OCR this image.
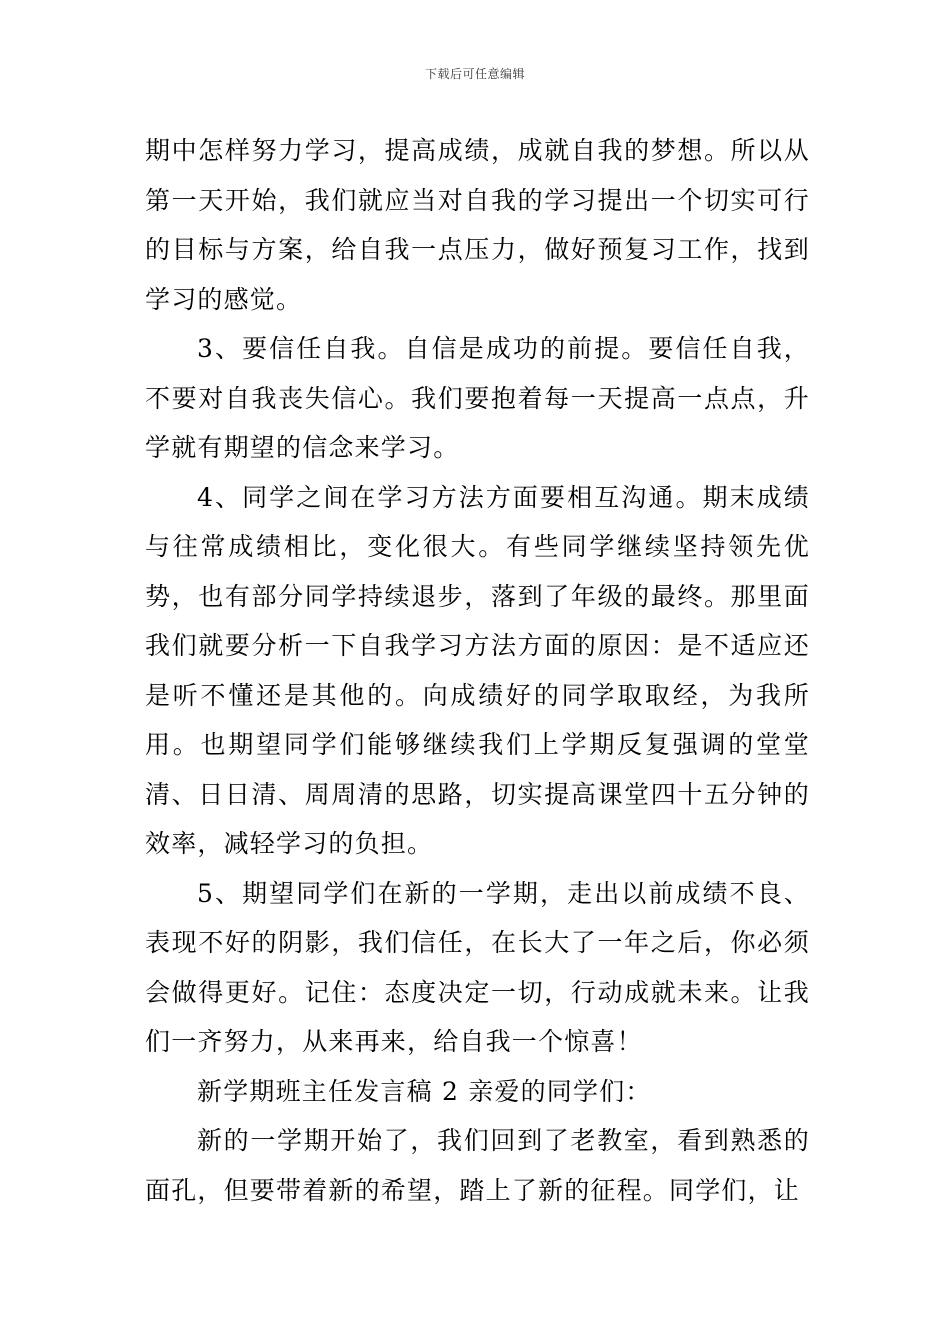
下载后可任意编辑

期中怎样努力学习，提高成绩，成就自我的梦想。所以从第一天开始，我们就应当对自我的学习提出一个切实可行的目标与方案，给自我一点压力，做好预复习工作，找到学习的感觉。

3、要信任自我。自信是成功的前提。要信任自我，不要对自我丧失信心。我们要抱着每一天提高一点点，升学就有期望的信念来学习。

4、同学之间在学习方法方面要相互沟通。期末成绩与往常成绩相比，变化很大。有些同学继续坚持领先优势，也有部分同学持续退步，落到了年级的最终。那里面我们就要分析一下自我学习方法方面的原因：是不适应还是听不懂还是其他的。向成绩好的同学取取经，为我所用。也期望同学们能够继续我们上学期反复强调的堂堂清、日日清、周周清的思路，切实提高课堂四十五分钟的效率，减轻学习的负担。

5、期望同学们在新的一学期，走出以前成绩不良、表现不好的阴影，我们信任，在长大了一年之后，你必须会做得更好。记住：态度决定一切，行动成就未来。让我们一齐努力，从来再来，给自我一个惊喜！

新学期班主任发言稿 2 亲爱的同学们：

新的一学期开始了，我们回到了老教室，看到熟悉的面孔，但要带着新的希望，踏上了新的征程。同学们，让
